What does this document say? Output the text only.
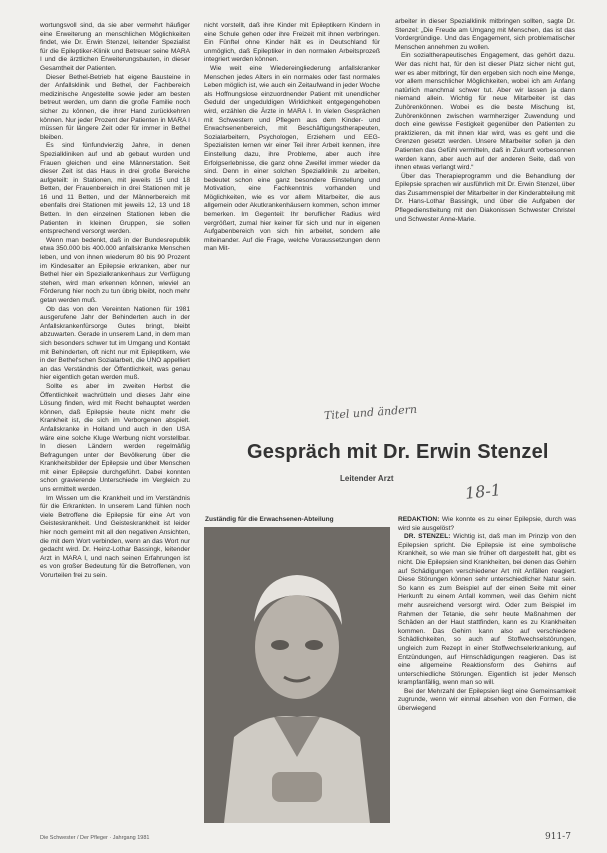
wortungsvoll sind, da sie aber vermehrt häufiger eine Erweiterung an menschlichen Möglichkeiten findet, wie Dr. Erwin Stenzel, leitender Spezialist für die Epileptiker-Klinik und Betreuer seine MARA I und die ärztlichen Erweiterungsbauten, in dieser Gesamtheit der Patienten.

Dieser Bethel-Betrieb hat eigene Bausteine in der Anfallsklinik und Bethel, der Fachbereich medizinische Angestellte sowie jeder am besten betreut werden, um dann die große Familie noch sicher zu können, die ihrer Hand zurückkehren können. Nur jeder Prozent der Patienten in MARA I müssen für längere Zeit oder für immer in Bethel bleiben.

Es sind fünfundvierzig Jahre, in denen Spezialkliniken auf und ab gebaut wurden und Frauen gleichen und eine Männerstation. Seit dieser Zeit ist das Haus in drei große Bereiche aufgeteilt: in Stationen, mit jeweils 15 und 18 Betten, der Frauenbereich in drei Stationen mit je 16 und 11 Betten, und der Männerbereich mit ebenfalls drei Stationen mit jeweils 12, 13 und 18 Betten. In den einzelnen Stationen leben die Patienten in kleinen Gruppen, sie sollen entsprechend versorgt werden.

Wenn man bedenkt, daß in der Bundesrepublik etwa 350.000 bis 400.000 anfallskranke Menschen leben, und von ihnen wiederum 80 bis 90 Prozent im Kindesalter an Epilepsie erkranken, aber nur Bethel hier ein Spezialkrankenhaus zur Verfügung stehen, wird man erkennen können, wieviel an Förderung hier noch zu tun übrig bleibt, noch mehr getan werden muß.

Ob das von den Vereinten Nationen für 1981 ausgerufene Jahr der Behinderten auch in der Anfallskrankenfürsorge Gutes bringt, bleibt abzuwarten. Gerade in unserem Land, in dem man sich besonders schwer tut im Umgang und Kontakt mit Behinderten, oft nicht nur mit Epileptikern, wie in der Bethel'schen Sozialarbeit, die UNO appelliert an das Verständnis der Öffentlichkeit, was genau hier eigentlich getan werden muß.

Sollte es aber im zweiten Herbst die Öffentlichkeit wachrütteln und dieses Jahr eine Lösung finden, wird mit Recht behauptet werden können, daß Epilepsie heute nicht mehr die Krankheit ist, die sich im Verborgenen abspielt. Anfallskranke in Holland und auch in den USA wäre eine solche Kluge Werbung nicht vorstellbar. In diesen Ländern werden regelmäßig Befragungen unter der Bevölkerung über die Krankheitsbilder der Epilepsie und über Menschen mit einer Epilepsie durchgeführt. Dabei konnten schon gravierende Unterschiede im Vergleich zu uns ermittelt werden.

Im Wissen um die Krankheit und im Verständnis für die Erkrankten. In unserem Land fühlen noch viele Betroffene die Epilepsie für eine Art von Geisteskrankheit. Und Geisteskrankheit ist leider hier noch gemeint mit all den negativen Ansichten, die mit dem Wort verbinden, wenn an das Wort nur gedacht wird. Dr. Heinz-Lothar Bassingk, leitender Arzt in MARA I, und nach seinen Erfahrungen ist es von großer Bedeutung für die Betroffenen, von Vorurteilen frei zu sein.

nicht vorstellt, daß ihre Kinder mit Epileptikern Kindern in eine Schule gehen oder ihre Freizeit mit ihnen verbringen. Ein Fünftel ohne Kinder hält es in Deutschland für unmöglich, daß Epileptiker in den normalen Arbeitsprozeß integriert werden können.

Wie weit eine Wiedereingliederung anfallskranker Menschen jedes Alters in ein normales oder fast normales Leben möglich ist, wie auch ein Zeitaufwand in jeder Woche als Hoffnungslose einzuordnender Patient mit unendlicher Geduld der ungeduldigen Wirklichkeit entgegengehoben wird, erzählen die Ärzte in MARA I. In vielen Gesprächen mit Schwestern und Pflegern aus dem Kinder- und Erwachsenenbereich, mit Beschäftigungstherapeuten, Sozialarbeitern, Psychologen, Erziehern und EEG-Spezialisten lernen wir einer Teil ihrer Arbeit kennen, ihre Einstellung dazu, ihre Probleme, aber auch ihre Erfolgserlebnisse, die ganz ohne Zweifel immer wieder da sind. Denn in einer solchen Spezialklinik zu arbeiten, bedeutet schon eine ganz besondere Einstellung und Motivation, eine Fachkenntnis vorhanden und Möglichkeiten, wie es vor allem Mitarbeiter, die aus allgemein oder Akutkrankenhäusern kommen, schon immer bemerken. Im Gegenteil: Ihr beruflicher Radius wird vergrößert, zumal hier keiner für sich und nur in eigenen Aufgabenbereich von sich hin arbeitet, sondern alle miteinander. Auf die Frage, welche Voraussetzungen denn man Mit-

arbeiter in dieser Spezialklinik mitbringen sollten, sagte Dr. Stenzel: „Die Freude am Umgang mit Menschen, das ist das Vordergründige. Und das Engagement, sich problematischer Menschen annehmen zu wollen.

Ein sozialtherapeutisches Engagement, das gehört dazu. Wer das nicht hat, für den ist dieser Platz sicher nicht gut, wer es aber mitbringt, für den ergeben sich noch eine Menge, vor allem menschlicher Möglichkeiten, wobei ich am Anfang natürlich manchmal schwer tut. Aber wir lassen ja dann niemand allein. Wichtig für neue Mitarbeiter ist das Zuhörenkönnen. Wobei es die beste Mischung ist, Zuhörenkönnen zwischen warmherziger Zuwendung und doch eine gewisse Festigkeit gegenüber den Patienten zu praktizieren, da mit ihnen klar wird, was es geht und die Grenzen gesetzt werden. Unsere Mitarbeiter sollen ja den Patienten das Gefühl vermitteln, daß in Zukunft vorbesonnen werden kann, aber auch auf der anderen Seite, daß von ihnen etwas verlangt wird.“

Über das Therapieprogramm und die Behandlung der Epilepsie sprachen wir ausführlich mit Dr. Erwin Stenzel, über das Zusammenspiel der Mitarbeiter in der Kinderabteilung mit Dr. Hans-Lothar Bassingk, und über die Aufgaben der Pflegedienstleitung mit den Diakonissen Schwester Christel und Schwester Anne-Marie.

Titel und ändern
Gespräch mit Dr. Erwin Stenzel
Leitender Arzt
18-1
Zuständig für die Erwachsenen-Abteilung	REDAKTION: Wie konnte es zu einer Epilepsie, durch was wird sie ausgelöst?

DR. STENZEL: Wichtig ist, daß man im Prinzip von den Epilepsien spricht. Die Epilepsie ist eine symbolische Krankheit, so wie man sie früher oft dargestellt hat, gibt es nicht. Die Epilepsien sind Krankheiten, bei denen das Gehirn auf Schädigungen verschiedener Art mit Anfällen reagiert. Diese Störungen können sehr unterschiedlicher Natur sein. So kann es zum Beispiel auf der einen Seite mit einer Herkunft zu einem Anfall kommen, weil das Gehirn nicht mehr ausreichend versorgt wird. Oder zum Beispiel im Rahmen der Tetanie, die sehr heute Maßnahmen der Schäden an der Haut stattfinden, kann es zu Krankheiten kommen. Das Gehirn kann also auf verschiedene Schädlichkeiten, so auch auf Stoffwechselstörungen, ungleich zum Rezept in einer Stoffwechselerkrankung, auf Entzündungen, auf Hirnschädigungen reagieren. Das ist eine allgemeine Reaktionsform des Gehirns auf unterschiedliche Störungen. Eigentlich ist jeder Mensch krampfanfällig, wenn man so will.

Bei der Mehrzahl der Epilepsien liegt eine Gemeinsamkeit zugrunde, wenn wir einmal absehen von den Formen, die überwiegend

Die Schwester / Der Pfleger · Jahrgang 1981	911-7
